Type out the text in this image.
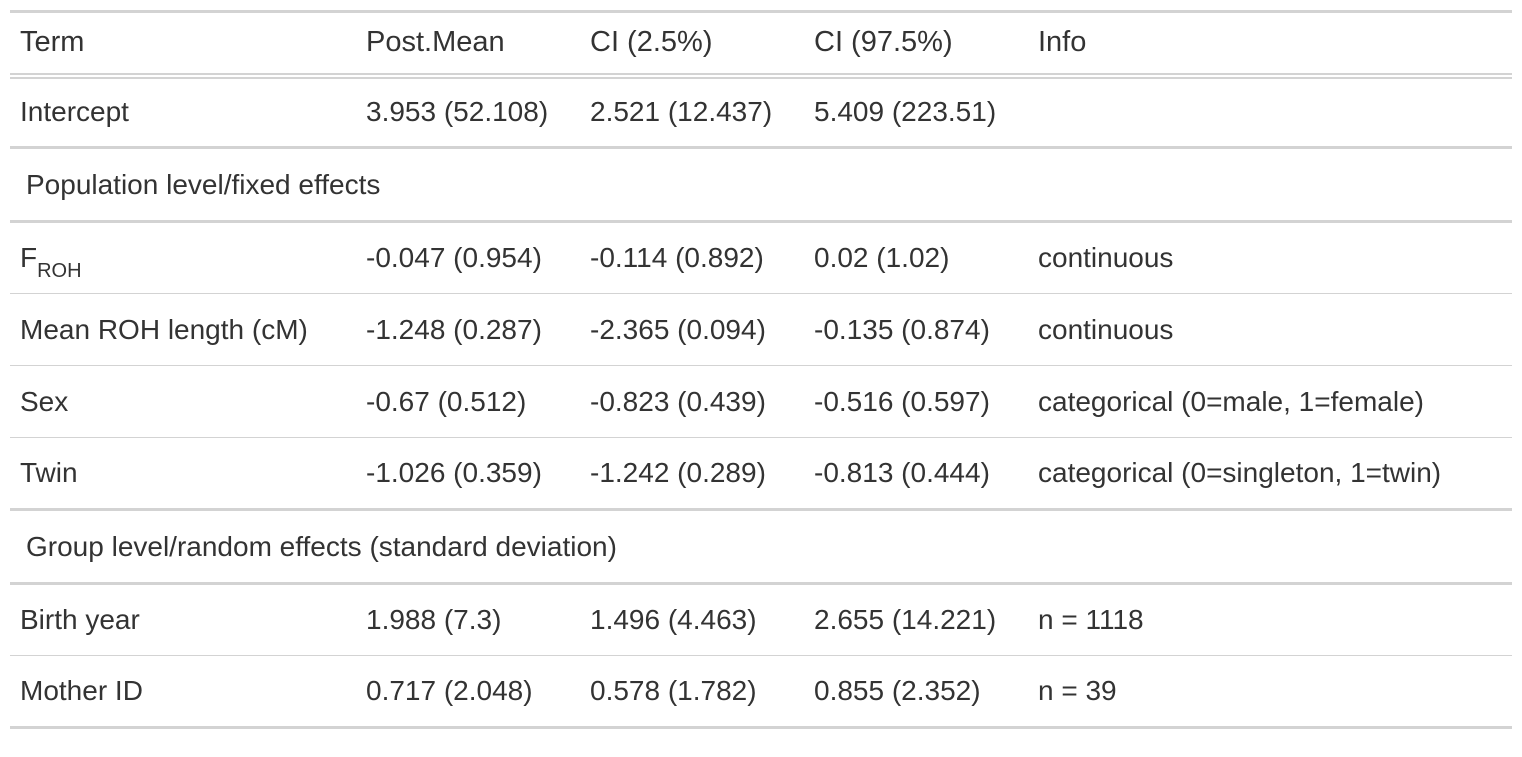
Term	Post.Mean	CI (2.5%)	CI (97.5%)	Info
Intercept	3.953 (52.108)	2.521 (12.437)	5.409 (223.51)	
Population level/fixed effects				
$F_{ROH}$	-0.047 (0.954)	-0.114 (0.892)	0.02 (1.02)	continuous
Mean ROH length (cM)	-1.248 (0.287)	-2.365 (0.094)	-0.135 (0.874)	continuous
Sex	-0.67 (0.512)	-0.823 (0.439)	-0.516 (0.597)	categorical (0=male, 1=female)
Twin	-1.026 (0.359)	-1.242 (0.289)	-0.813 (0.444)	categorical (0=singleton, 1=twin)
Group level/random effects (standard deviation)				
Birth year	1.988 (7.3)	1.496 (4.463)	2.655 (14.221)	n = 1118
Mother ID	0.717 (2.048)	0.578 (1.782)	0.855 (2.352)	n = 39
